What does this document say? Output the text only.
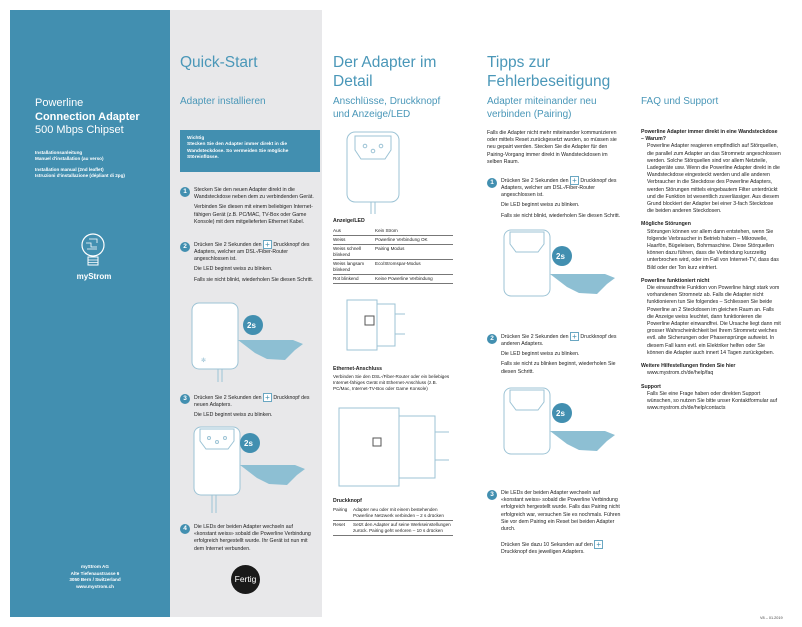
Powerline
Connection Adapter
500 Mbps Chipset
Installationsanleitung
Manuel d'installation (au verso)
Installation manual (2nd leaflet)
Istruzioni d'installazione (dépliant di 2pg)
myStrom
myStrom AG
Alte Tiefenaustrasse 6
3050 Bern / Switzerland
www.mystrom.ch
Quick-Start
Adapter installieren
Wichtig
Stecken Sie den Adapter immer direkt in die Wandsteckdose. So vermeiden Sie mögliche Störeinflüsse.
1	Stecken Sie den neuen Adapter direkt in die Wandsteckdose neben dem zu verbindenden Gerät.
Verbinden Sie diesen mit einem beliebigen Internet-fähigen Gerät (z.B. PC/MAC, TV-Box oder Game Konsole) mit dem mitgelieferten Ethernet Kabel.
2	Drücken Sie 2 Sekunden den + Druckknopf des Adapters, welcher am DSL-/Fiber-Router angeschlossen ist.
Die LED beginnt weiss zu blinken.
Falls sie nicht blinkt, wiederholen Sie diesen Schritt.
2s
✻
3	Drücken Sie 2 Sekunden den + Druckknopf des neuen Adapters.
Die LED beginnt weiss zu blinken.
2s
4	Die LEDs der beiden Adapter wechseln auf «konstant weiss» sobald die Powerline Verbindung erfolgreich hergestellt wurde. Ihr Gerät ist nun mit dem Internet verbunden.
Fertig
Der Adapter im Detail
Anschlüsse, Druckknopf und Anzeige/LED
Anzeige/LED
Aus	Kein Strom
Weiss	Powerline Verbindung OK
Weiss schnell blinkend	Pairing Modus
Weiss langsam blinkend	Eco/Stromspar-Modus
Rot blinkend	Keine Powerline Verbindung
Ethernet-Anschluss
Verbinden Sie den DSL-/Fiber-Router oder ein beliebiges Internet-fähiges Gerät mit Ethernet-Anschluss (z.B. PC/Mac, Internet-TV-Box oder Game Konsole)
Druckknopf
Pairing	Adapter neu oder mit einem bestehenden Powerline Netzwerk verbinden – 2 s drücken
Reset	Setzt den Adapter auf seine Werkseinstellungen zurück. Pairing geht verloren – 10 s drücken
Tipps zur Fehlerbeseitigung
Adapter miteinander neu verbinden (Pairing)
Falls die Adapter nicht mehr miteinander kommunizieren oder mittels Reset zurückgesetzt wurden, so müssen sie neu gepairt werden. Stecken Sie die Adapter für den Pairing-Vorgang immer direkt in Wandsteckdosen im selben Raum.
1	Drücken Sie 2 Sekunden den + Druckknopf des Adapters, welcher am DSL-/Fiber-Router angeschlossen ist.
Die LED beginnt weiss zu blinken.
Falls sie nicht blinkt, wiederholen Sie diesen Schritt.
2s
2	Drücken Sie 2 Sekunden den + Druckknopf des anderen Adapters.
Die LED beginnt weiss zu blinken.
Falls sie nicht zu blinken beginnt, wiederholen Sie diesen Schritt.
2s
3	Die LEDs der beiden Adapter wechseln auf «konstant weiss» sobald die Powerline Verbindung erfolgreich hergestellt wurde. Falls das Pairing nicht erfolgreich war, versuchen Sie es nochmals. Führen Sie vor dem Pairing ein Reset bei beiden Adapter durch.
Drücken Sie dazu 10 Sekunden auf den + Druckknopf des jeweiligen Adapters.
FAQ und Support
Powerline Adapter immer direkt in eine Wandsteckdose – Warum?
Powerline Adapter reagieren empfindlich auf Störquellen, die parallel zum Adapter an das Stromnetz angeschlossen werden. Solche Störquellen sind vor allem Netzteile, Ladegeräte usw. Wenn die Powerline Adapter direkt in die Wandsteckdose eingesteckt werden und alle anderen Verbraucher in die Steckdose des Powerline Adapters, werden Störungen mittels eingebautem Filter unterdrückt und die Funktion ist wesentlich zuverlässiger. Aus diesem Grund blockiert der Adapter bei einer 3-fach Steckdose die beiden anderen Steckdosen.
Mögliche Störungen
Störungen können vor allem dann entstehen, wenn Sie folgende Verbraucher in Betrieb haben – Mikrowelle, Haarfön, Bügeleisen, Bohrmaschine. Diese Störquellen können dazu führen, dass die Verbindung kurzzeitig unterbrochen wird, oder im Fall von Internet-TV, dass das Bild oder der Ton kurz einfriert.
Powerline funktioniert nicht
Die einwandfreie Funktion von Powerline hängt stark vom vorhandenen Stromnetz ab. Falls die Adapter nicht funktionieren tun Sie folgendes – Schliessen Sie beide Powerline an 2 Steckdosen im gleichen Raum an. Falls die Anzeige weiss leuchtet, dann funktionieren die Powerline Adapter einwandfrei. Die Ursache liegt dann mit grosser Wahrscheinlichkeit bei Ihrem Stromnetz welches evtl. alte Sicherungen oder Phasensprünge aufweist. In diesem Fall kann evtl. ein Elektriker helfen oder Sie können die Adapter auch innert 14 Tagen zurückgeben.
Weitere Hilfestellungen finden Sie hier
www.mystrom.ch/de/help/faq
Support
Falls Sie eine Frage haben oder direkten Support wünschen, so nutzen Sie bitte unser Kontaktformular auf
www.mystrom.ch/de/help/contacts
V8 – 01.2019
